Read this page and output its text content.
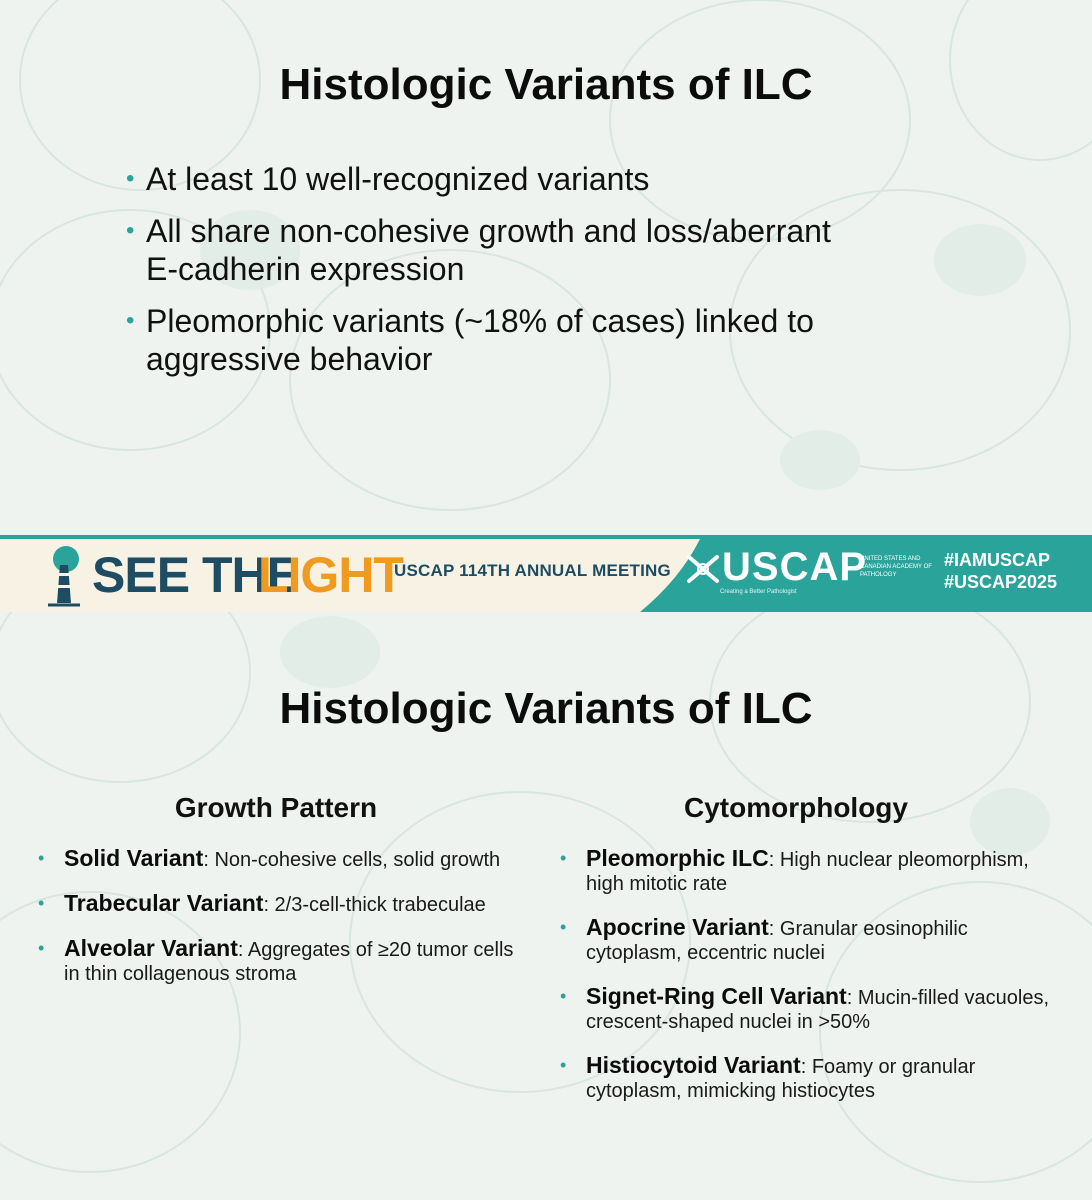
Histologic Variants of ILC
• At least 10 well-recognized variants
• All share non-cohesive growth and loss/aberrant
E-cadherin expression
• Pleomorphic variants (~18% of cases) linked to
aggressive behavior
SEE THE
LIGHT
USCAP 114TH ANNUAL MEETING USCAP
UNITED STATES AND CANADIAN ACADEMY OF PATHOLOGY
Creating a Better Pathologist
#IAMUSCAP
#USCAP2025
Histologic Variants of ILC
Growth Pattern
• Solid Variant: Non-cohesive cells, solid growth
• Trabecular Variant: 2/3-cell-thick trabeculae
• Alveolar Variant: Aggregates of ≥20 tumor cells in thin collagenous stroma
Cytomorphology
• Pleomorphic ILC: High nuclear pleomorphism, high mitotic rate
• Apocrine Variant: Granular eosinophilic cytoplasm, eccentric nuclei
• Signet-Ring Cell Variant: Mucin-filled vacuoles, crescent-shaped nuclei in >50%
• Histiocytoid Variant: Foamy or granular cytoplasm, mimicking histiocytes
